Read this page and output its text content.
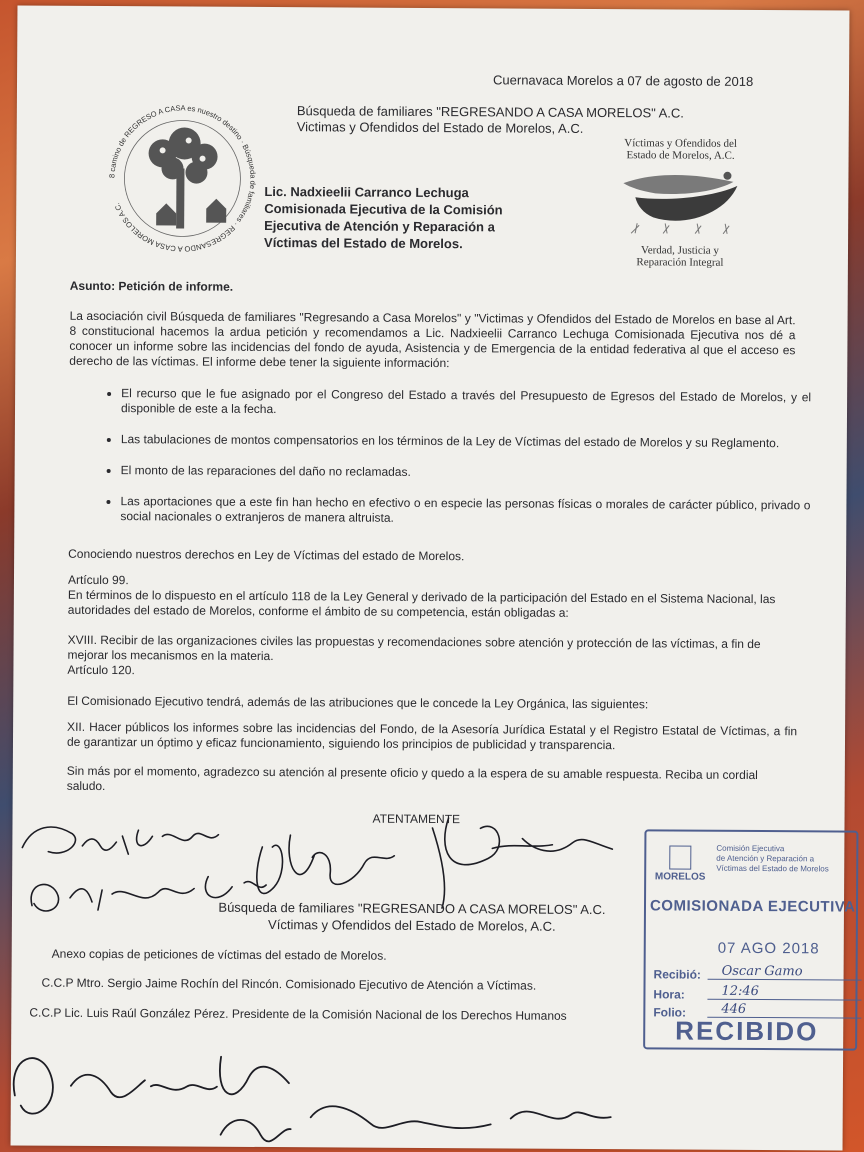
Cuernavaca Morelos a 07 de agosto de 2018
Búsqueda de familiares "REGRESANDO A CASA MORELOS" A.C.
Victimas y Ofendidos del Estado de Morelos, A.C.
8 camino de REGRESO A CASA es nuestro destino · Búsqueda de familiares · REGRESANDO A CASA MORELOS A.C.
Lic. Nadxieelii Carranco Lechuga
Comisionada Ejecutiva de la Comisión
Ejecutiva de Atención y Reparación a
Víctimas del Estado de Morelos.
Víctimas y Ofendidos del
Estado de Morelos, A.C.
Verdad, Justicia y
Reparación Integral
Asunto: Petición de informe.
La asociación civil Búsqueda de familiares "Regresando a Casa Morelos" y "Victimas y Ofendidos del Estado de Morelos en base al Art. 8 constitucional hacemos la ardua petición y recomendamos a Lic. Nadxieelii Carranco Lechuga Comisionada Ejecutiva nos dé a conocer un informe sobre las incidencias del fondo de ayuda, Asistencia y de Emergencia de la entidad federativa al que el acceso es derecho de las víctimas. El informe debe tener la siguiente información:
• El recurso que le fue asignado por el Congreso del Estado a través del Presupuesto de Egresos del Estado de Morelos, y el disponible de este a la fecha.
• Las tabulaciones de montos compensatorios en los términos de la Ley de Víctimas del estado de Morelos y su Reglamento.
• El monto de las reparaciones del daño no reclamadas.
• Las aportaciones que a este fin han hecho en efectivo o en especie las personas físicas o morales de carácter público, privado o social nacionales o extranjeros de manera altruista.
Conociendo nuestros derechos en Ley de Víctimas del estado de Morelos.
Artículo 99.
En términos de lo dispuesto en el artículo 118 de la Ley General y derivado de la participación del Estado en el Sistema Nacional, las autoridades del estado de Morelos, conforme el ámbito de su competencia, están obligadas a:
XVIII. Recibir de las organizaciones civiles las propuestas y recomendaciones sobre atención y protección de las víctimas, a fin de mejorar los mecanismos en la materia.
Artículo 120.
El Comisionado Ejecutivo tendrá, además de las atribuciones que le concede la Ley Orgánica, las siguientes:
XII. Hacer públicos los informes sobre las incidencias del Fondo, de la Asesoría Jurídica Estatal y el Registro Estatal de Víctimas, a fin de garantizar un óptimo y eficaz funcionamiento, siguiendo los principios de publicidad y transparencia.
Sin más por el momento, agradezco su atención al presente oficio y quedo a la espera de su amable respuesta. Reciba un cordial saludo.
ATENTAMENTE
Búsqueda de familiares "REGRESANDO A CASA MORELOS" A.C.
Víctimas y Ofendidos del Estado de Morelos, A.C.
Anexo copias de peticiones de víctimas del estado de Morelos.
C.C.P Mtro. Sergio Jaime Rochín del Rincón. Comisionado Ejecutivo de Atención a Víctimas.
C.C.P Lic. Luis Raúl González Pérez. Presidente de la Comisión Nacional de los Derechos Humanos
MORELOS
Comisión Ejecutiva
de Atención y Reparación a
Víctimas del Estado de Morelos
COMISIONADA EJECUTIVA
07 AGO 2018
Recibió:	Oscar Gamo
Hora:	12:46
Folio:	446
RECIBIDO
